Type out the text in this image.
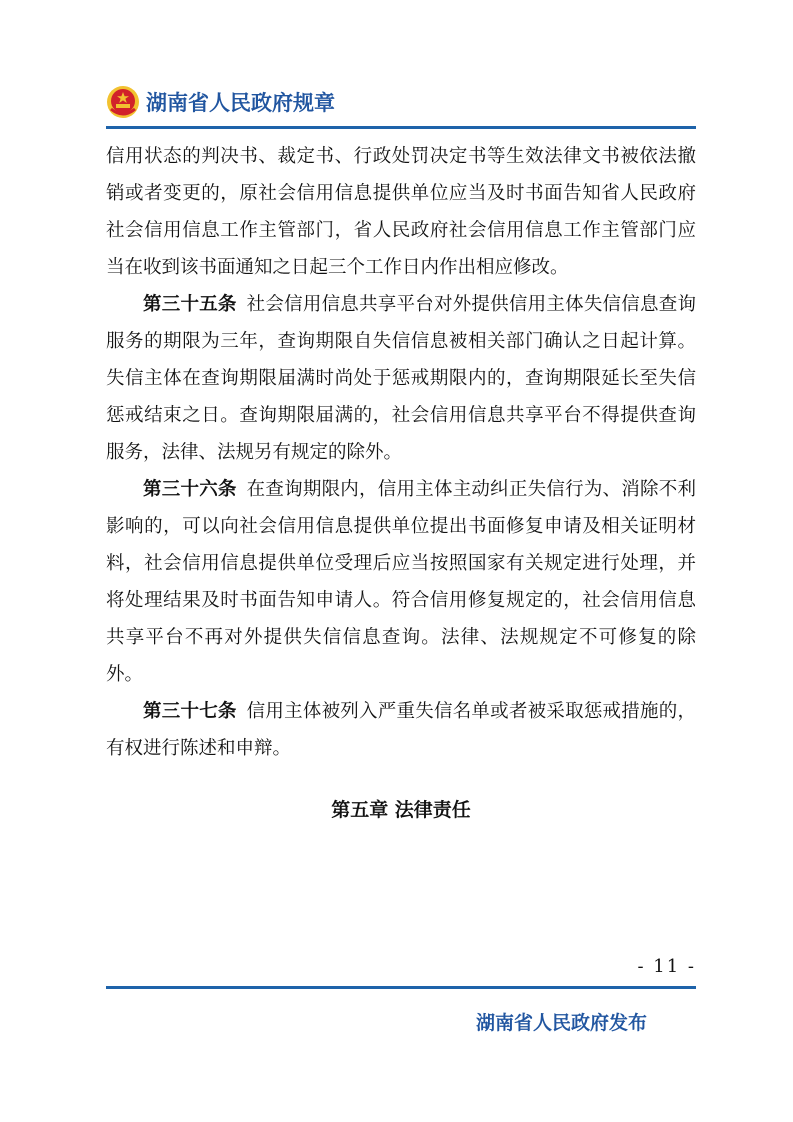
湖南省人民政府规章

信用状态的判决书、裁定书、行政处罚决定书等生效法律文书被依法撤销或者变更的，原社会信用信息提供单位应当及时书面告知省人民政府社会信用信息工作主管部门，省人民政府社会信用信息工作主管部门应当在收到该书面通知之日起三个工作日内作出相应修改。

第三十五条 社会信用信息共享平台对外提供信用主体失信信息查询服务的期限为三年，查询期限自失信信息被相关部门确认之日起计算。失信主体在查询期限届满时尚处于惩戒期限内的，查询期限延长至失信惩戒结束之日。查询期限届满的，社会信用信息共享平台不得提供查询服务，法律、法规另有规定的除外。

第三十六条 在查询期限内，信用主体主动纠正失信行为、消除不利影响的，可以向社会信用信息提供单位提出书面修复申请及相关证明材料，社会信用信息提供单位受理后应当按照国家有关规定进行处理，并将处理结果及时书面告知申请人。符合信用修复规定的，社会信用信息共享平台不再对外提供失信信息查询。法律、法规规定不可修复的除外。

第三十七条 信用主体被列入严重失信名单或者被采取惩戒措施的，有权进行陈述和申辩。

第五章 法律责任
- 11 -
湖南省人民政府发布
